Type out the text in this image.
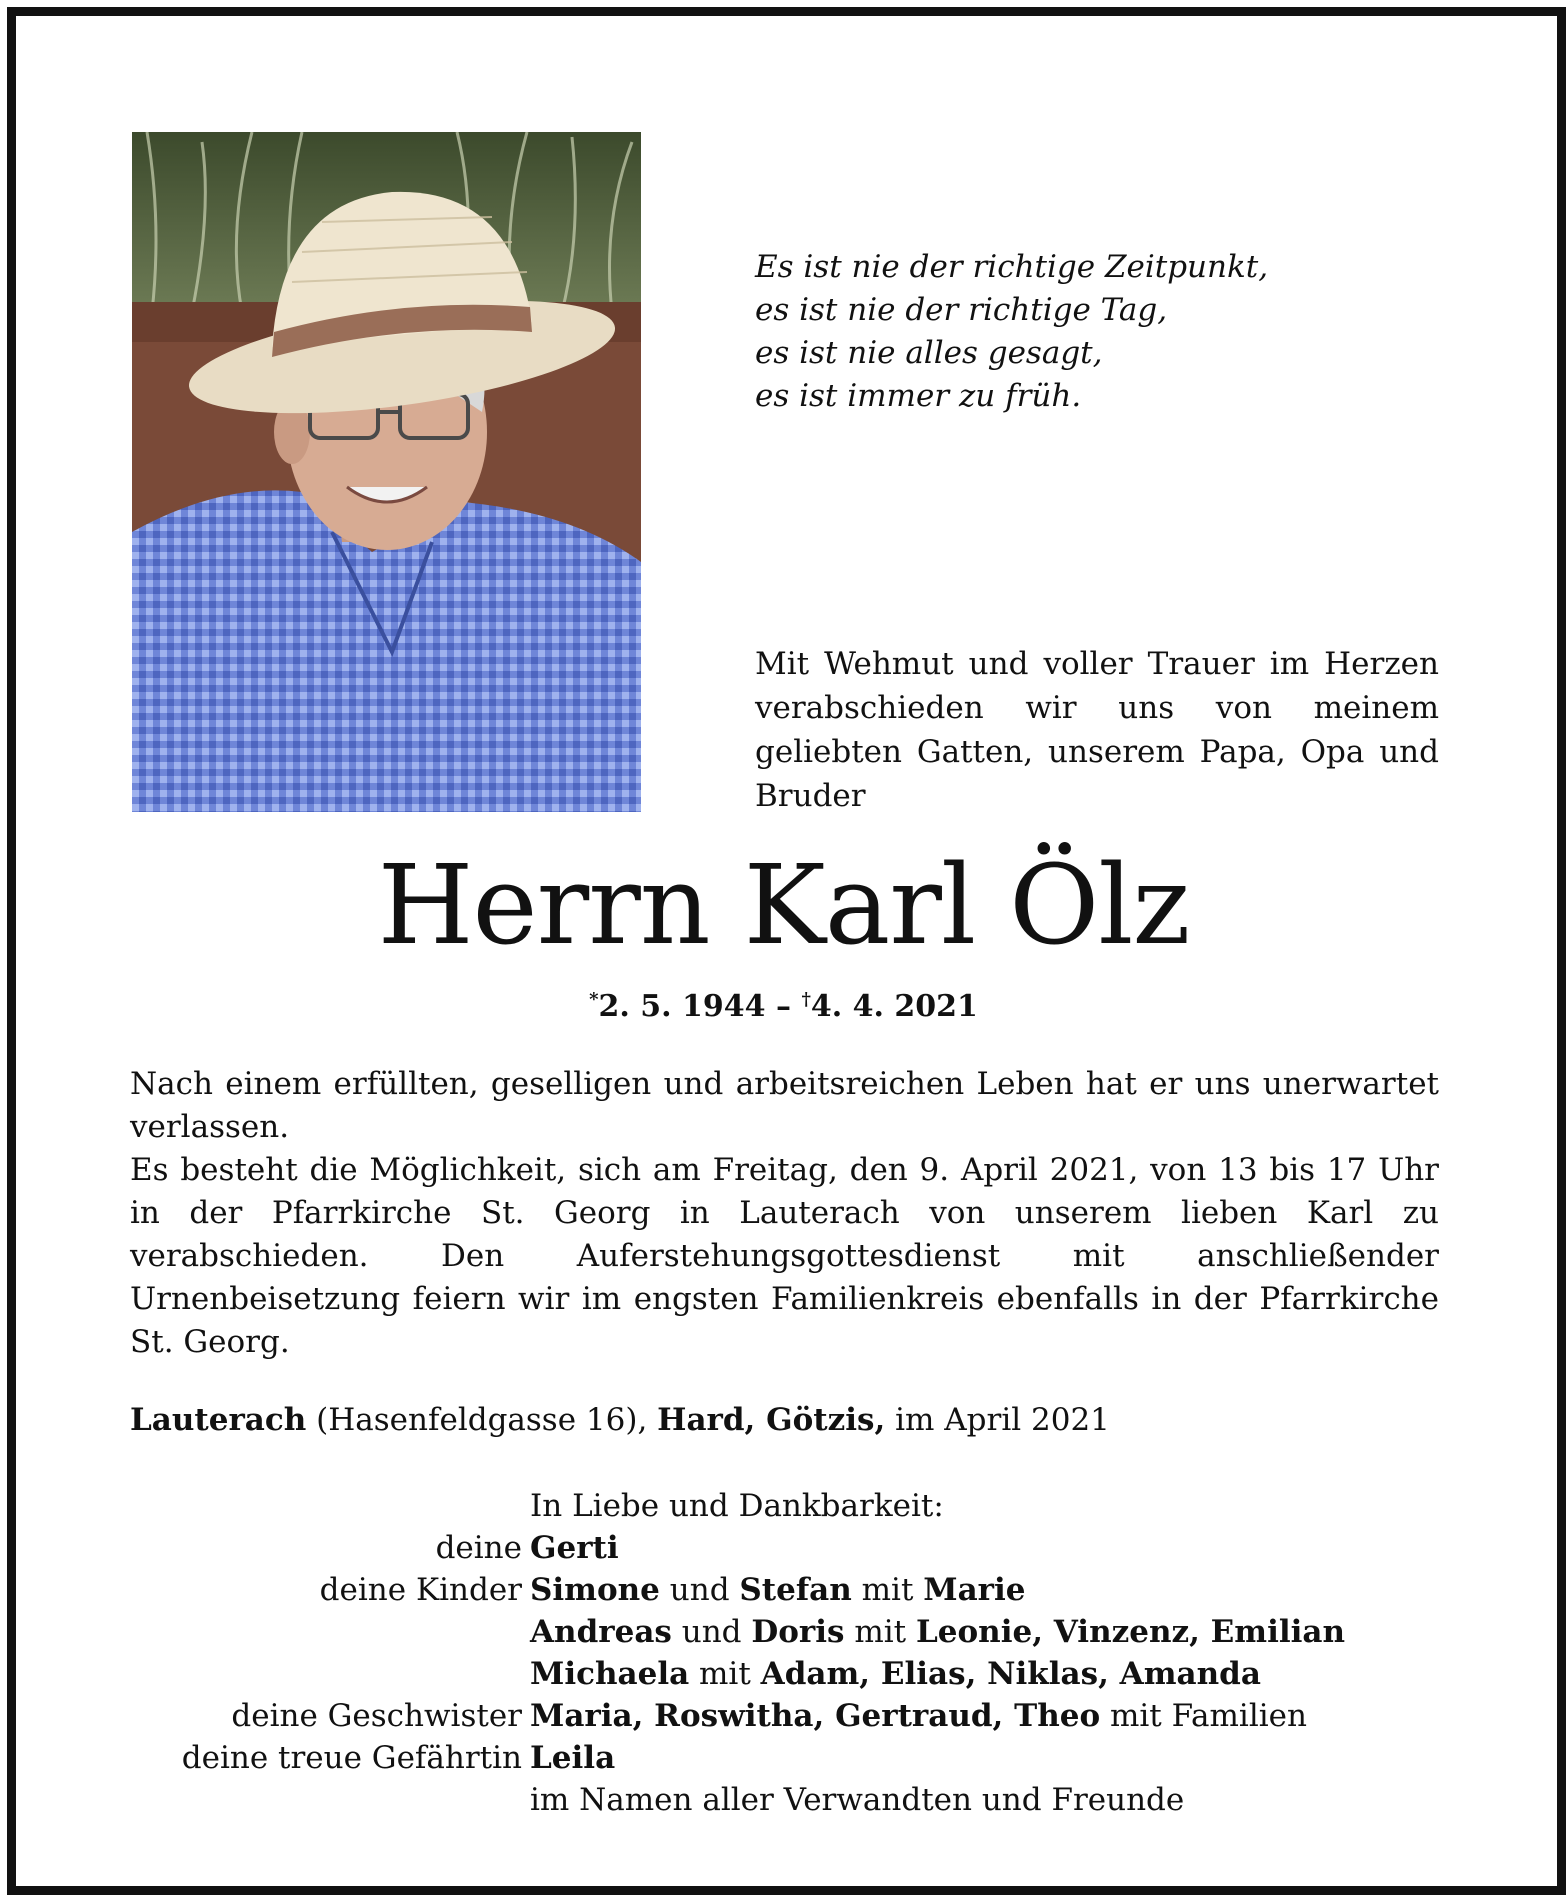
Es ist nie der richtige Zeitpunkt,
es ist nie der richtige Tag,
es ist nie alles gesagt,
es ist immer zu früh.
Mit Wehmut und voller Trauer im Herzen verabschieden wir uns von meinem geliebten Gatten, unserem Papa, Opa und Bruder
Herrn Karl Ölz
*2. 5. 1944 – †4. 4. 2021

Nach einem erfüllten, geselligen und arbeitsreichen Leben hat er uns unerwartet verlassen.

Es besteht die Möglichkeit, sich am Freitag, den 9. April 2021, von 13 bis 17 Uhr in der Pfarrkirche St. Georg in Lauterach von unserem lieben Karl zu verabschieden. Den Auferstehungsgottesdienst mit anschließender Urnenbeisetzung feiern wir im engsten Familienkreis ebenfalls in der Pfarrkirche St. Georg.

Lauterach (Hasenfeldgasse 16), Hard, Götzis, im April 2021
In Liebe und Dankbarkeit:
deine Gerti
deine Kinder Simone und Stefan mit Marie
Andreas und Doris mit Leonie, Vinzenz, Emilian
Michaela mit Adam, Elias, Niklas, Amanda
deine Geschwister Maria, Roswitha, Gertraud, Theo mit Familien
deine treue Gefährtin Leila
im Namen aller Verwandten und Freunde
